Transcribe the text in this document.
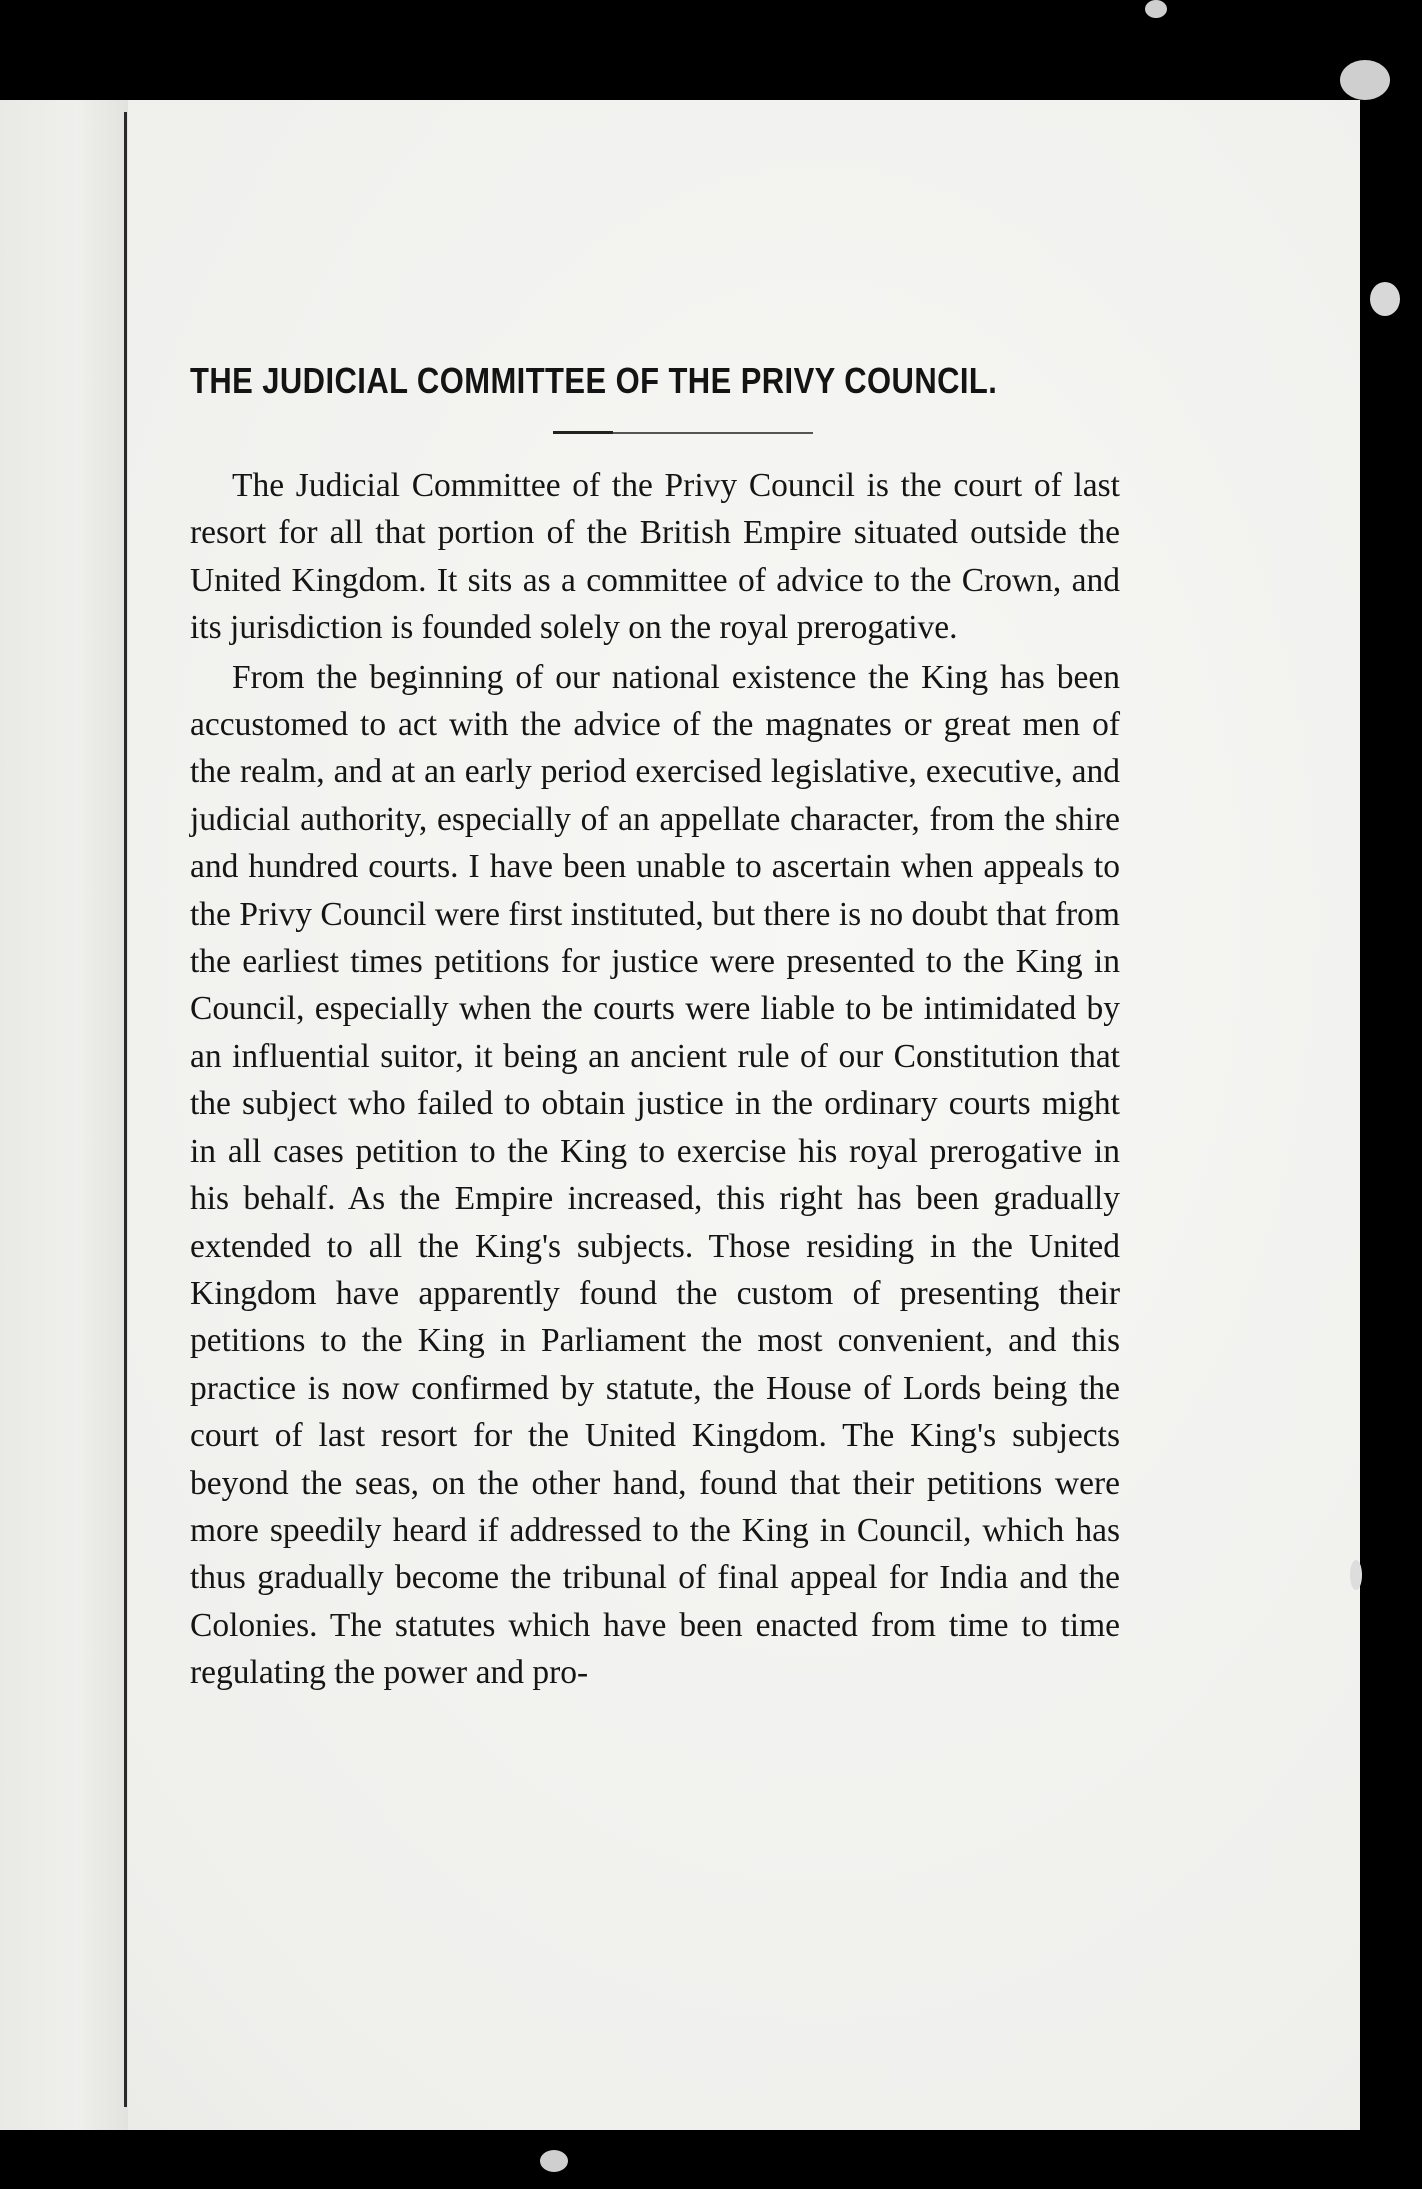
THE JUDICIAL COMMITTEE OF THE PRIVY COUNCIL.

The Judicial Committee of the Privy Council is the court of last resort for all that portion of the British Empire situated outside the United Kingdom. It sits as a committee of advice to the Crown, and its jurisdiction is founded solely on the royal prerogative.

From the beginning of our national existence the King has been accustomed to act with the advice of the magnates or great men of the realm, and at an early period exercised legislative, executive, and judicial authority, especially of an appellate character, from the shire and hundred courts. I have been unable to ascertain when appeals to the Privy Council were first instituted, but there is no doubt that from the earliest times petitions for justice were presented to the King in Council, especially when the courts were liable to be intimidated by an influential suitor, it being an ancient rule of our Constitution that the subject who failed to obtain justice in the ordinary courts might in all cases petition to the King to exercise his royal prerogative in his behalf. As the Empire increased, this right has been gradually extended to all the King's subjects. Those residing in the United Kingdom have apparently found the custom of presenting their petitions to the King in Parliament the most convenient, and this practice is now confirmed by statute, the House of Lords being the court of last resort for the United Kingdom. The King's subjects beyond the seas, on the other hand, found that their petitions were more speedily heard if addressed to the King in Council, which has thus gradually become the tribunal of final appeal for India and the Colonies. The statutes which have been enacted from time to time regulating the power and pro-
